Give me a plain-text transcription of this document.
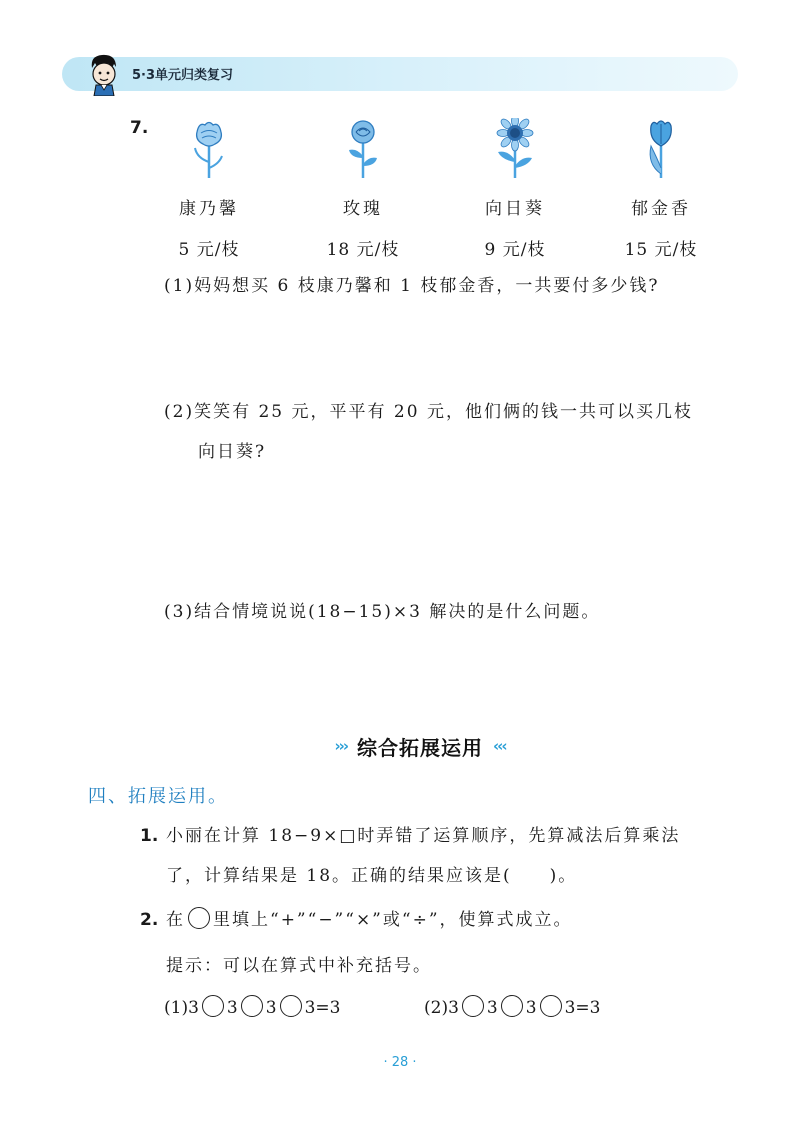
5·3单元归类复习
7.
康乃馨
5 元/枝
玫瑰
18 元/枝
向日葵
9 元/枝
郁金香
15 元/枝
(1)妈妈想买 6 枝康乃馨和 1 枝郁金香，一共要付多少钱?
(2)笑笑有 25 元，平平有 20 元，他们俩的钱一共可以买几枝
向日葵?
(3)结合情境说说(18−15)×3 解决的是什么问题。
››› 综合拓展运用 ‹‹‹
四、拓展运用。
1. 小丽在计算 18−9×□时弄错了运算顺序，先算减法后算乘法
了，计算结果是 18。正确的结果应该是(　　)。
2. 在 里填上“+”“−”“×”或“÷”，使算式成立。
提示：可以在算式中补充括号。
(1)3 3 3 3=3	(2)3 3 3 3=3
· 28 ·
